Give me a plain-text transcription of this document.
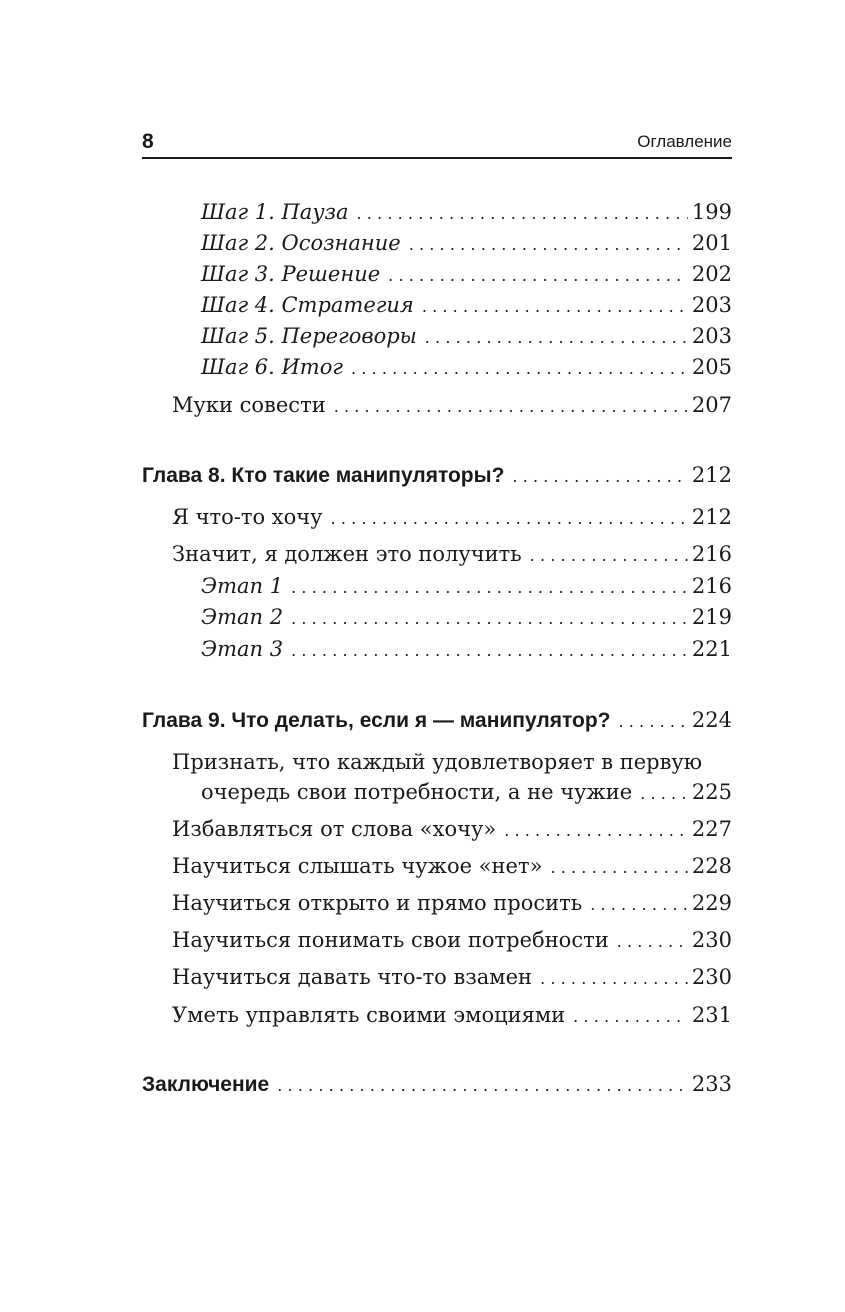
8	Оглавление
Шаг 1. Пауза .....	199
Шаг 2. Осознание .....	201
Шаг 3. Решение .....	202
Шаг 4. Стратегия .....	203
Шаг 5. Переговоры .....	203
Шаг 6. Итог .....	205
Муки совести .....	207
Глава 8. Кто такие манипуляторы? .....	212
Я что-то хочу .....	212
Значит, я должен это получить .....	216
Этап 1 .....	216
Этап 2 .....	219
Этап 3 .....	221
Глава 9. Что делать, если я — манипулятор? .....	224
Признать, что каждый удовлетворяет в первую
очередь свои потребности, а не чужие .....	225
Избавляться от слова «хочу» .....	227
Научиться слышать чужое «нет» .....	228
Научиться открыто и прямо просить .....	229
Научиться понимать свои потребности .....	230
Научиться давать что-то взамен .....	230
Уметь управлять своими эмоциями .....	231
Заключение .....	233
